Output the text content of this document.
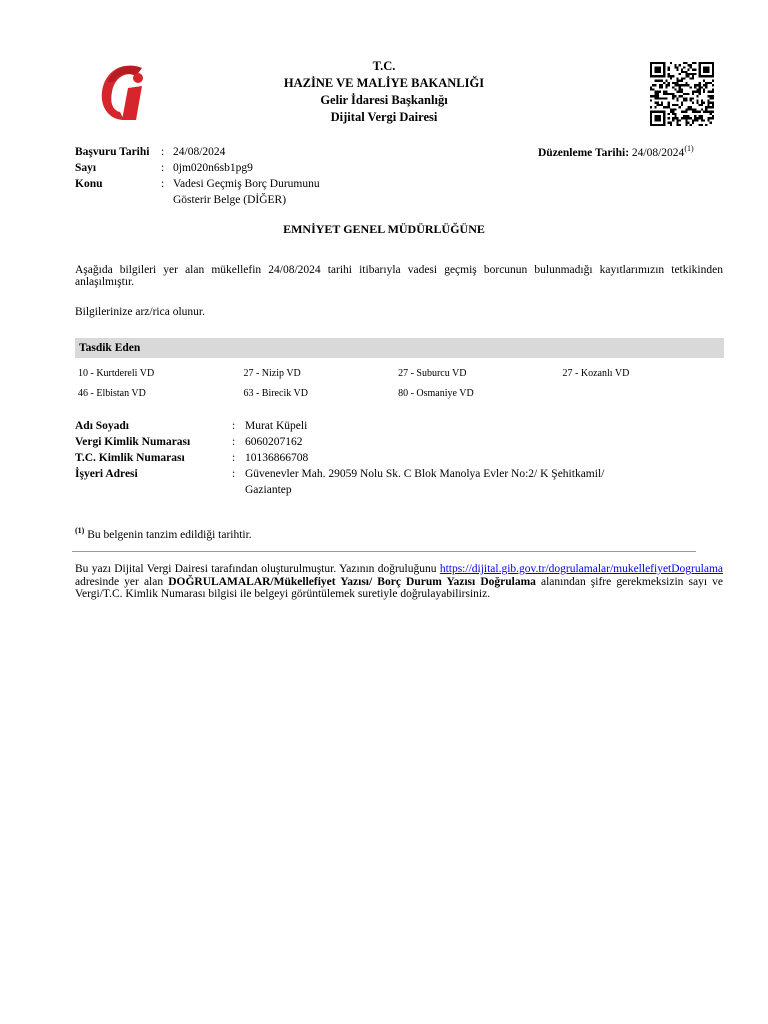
T.C.
HAZİNE VE MALİYE BAKANLIĞI
Gelir İdaresi Başkanlığı
Dijital Vergi Dairesi
Başvuru Tarihi	: 24/08/2024
Sayı	: 0jm020n6sb1pg9
Konu	: Vadesi Geçmiş Borç Durumunu
Gösterir Belge (DİĞER)
Düzenleme Tarihi: 24/08/2024$^{(1)}$
EMNİYET GENEL MÜDÜRLÜĞÜNE
Aşağıda bilgileri yer alan mükellefin 24/08/2024 tarihi itibarıyla vadesi geçmiş borcunun bulunmadığı kayıtlarımızın tetkikinden anlaşılmıştır.
Bilgilerinize arz/rica olunur.
Tasdik Eden
10 - Kurtdereli VD	27 - Nizip VD	27 - Suburcu VD	27 - Kozanlı VD
46 - Elbistan VD	63 - Birecik VD	80 - Osmaniye VD
Adı Soyadı	: Murat Küpeli
Vergi Kimlik Numarası	: 6060207162
T.C. Kimlik Numarası	: 10136866708
İşyeri Adresi	: Güvenevler Mah. 29059 Nolu Sk. C Blok Manolya Evler No:2/ K Şehitkamil/
Gaziantep
$^{(1)}$ Bu belgenin tanzim edildiği tarihtir.
Bu yazı Dijital Vergi Dairesi tarafından oluşturulmuştur. Yazının doğruluğunu https://dijital.gib.gov.tr/dogrulamalar/mukellefiyetDogrulama adresinde yer alan DOĞRULAMALAR/Mükellefiyet Yazısı/ Borç Durum Yazısı Doğrulama alanından şifre gerekmeksizin sayı ve Vergi/T.C. Kimlik Numarası bilgisi ile belgeyi görüntülemek suretiyle doğrulayabilirsiniz.
